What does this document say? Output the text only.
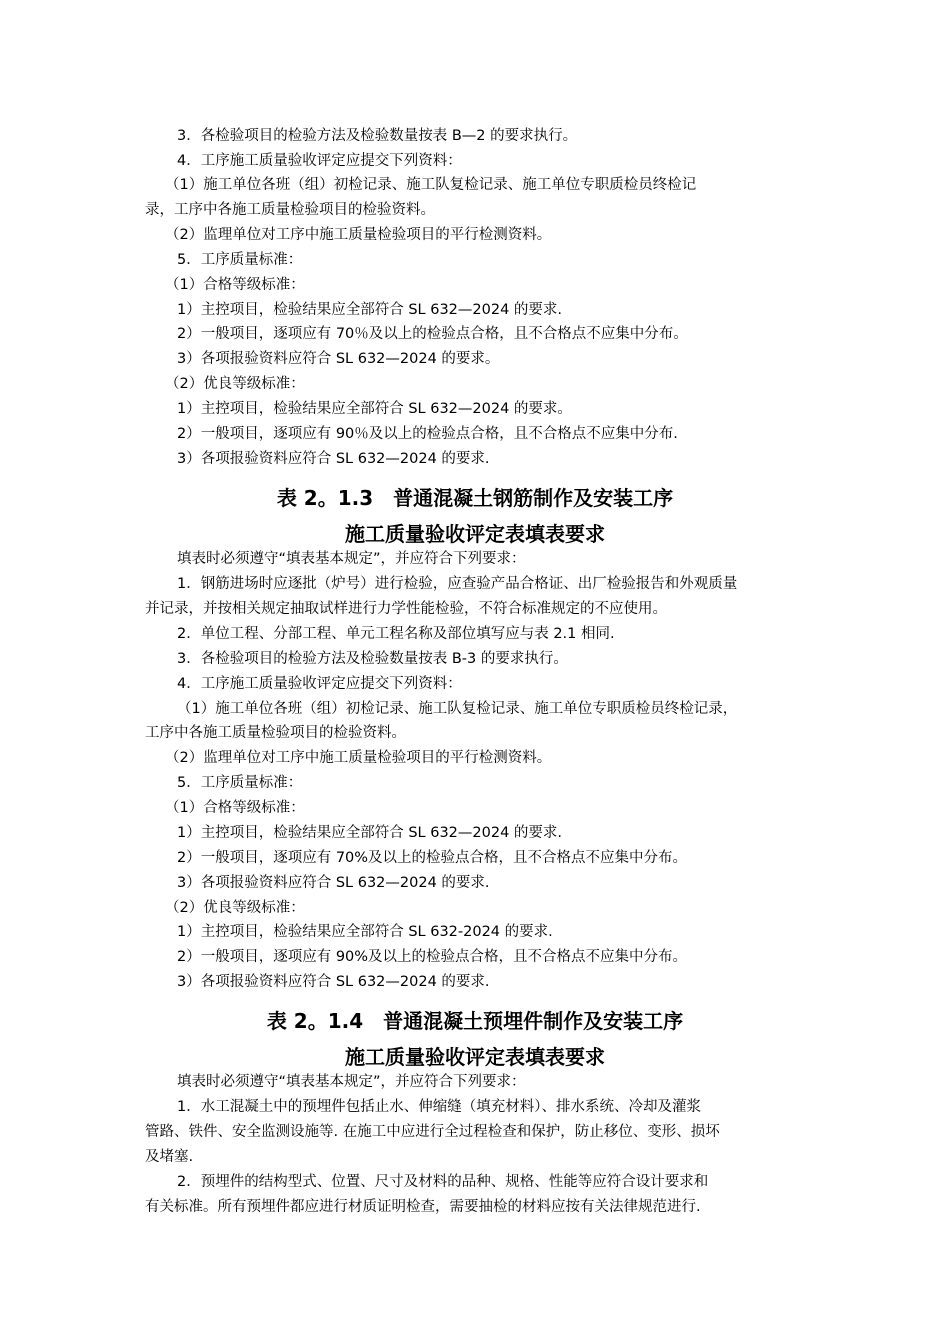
3．各检验项目的检验方法及检验数量按表 B—2 的要求执行。
4．工序施工质量验收评定应提交下列资料：
（1）施工单位各班（组）初检记录、施工队复检记录、施工单位专职质检员终检记
录，工序中各施工质量检验项目的检验资料。
（2）监理单位对工序中施工质量检验项目的平行检测资料。
5．工序质量标准：
（1）合格等级标准：
1）主控项目，检验结果应全部符合 SL 632—2024 的要求.
2）一般项目，逐项应有 70％及以上的检验点合格，且不合格点不应集中分布。
3）各项报验资料应符合 SL 632—2024 的要求。
（2）优良等级标准：
1）主控项目，检验结果应全部符合 SL 632—2024 的要求。
2）一般项目，逐项应有 90％及以上的检验点合格，且不合格点不应集中分布.
3）各项报验资料应符合 SL 632—2024 的要求.
表 2。1.3　普通混凝土钢筋制作及安装工序
施工质量验收评定表填表要求
填表时必须遵守“填表基本规定”，并应符合下列要求：
1．钢筋进场时应逐批（炉号）进行检验，应查验产品合格证、出厂检验报告和外观质量
并记录，并按相关规定抽取试样进行力学性能检验，不符合标准规定的不应使用。
2．单位工程、分部工程、单元工程名称及部位填写应与表 2.1 相同.
3．各检验项目的检验方法及检验数量按表 B-3 的要求执行。
4．工序施工质量验收评定应提交下列资料：
（1）施工单位各班（组）初检记录、施工队复检记录、施工单位专职质检员终检记录，
工序中各施工质量检验项目的检验资料。
（2）监理单位对工序中施工质量检验项目的平行检测资料。
5．工序质量标准：
（1）合格等级标准：
1）主控项目，检验结果应全部符合 SL 632—2024 的要求.
2）一般项目，逐项应有 70%及以上的检验点合格，且不合格点不应集中分布。
3）各项报验资料应符合 SL 632—2024 的要求.
（2）优良等级标准：
1）主控项目，检验结果应全部符合 SL 632-2024 的要求.
2）一般项目，逐项应有 90%及以上的检验点合格，且不合格点不应集中分布。
3）各项报验资料应符合 SL 632—2024 的要求.
表 2。1.4　普通混凝土预埋件制作及安装工序
施工质量验收评定表填表要求
填表时必须遵守“填表基本规定”，并应符合下列要求：
1．水工混凝土中的预埋件包括止水、伸缩缝（填充材料）、排水系统、冷却及灌浆
管路、铁件、安全监测设施等. 在施工中应进行全过程检查和保护，防止移位、变形、损坏
及堵塞.
2．预埋件的结构型式、位置、尺寸及材料的品种、规格、性能等应符合设计要求和
有关标准。所有预埋件都应进行材质证明检查，需要抽检的材料应按有关法律规范进行.
